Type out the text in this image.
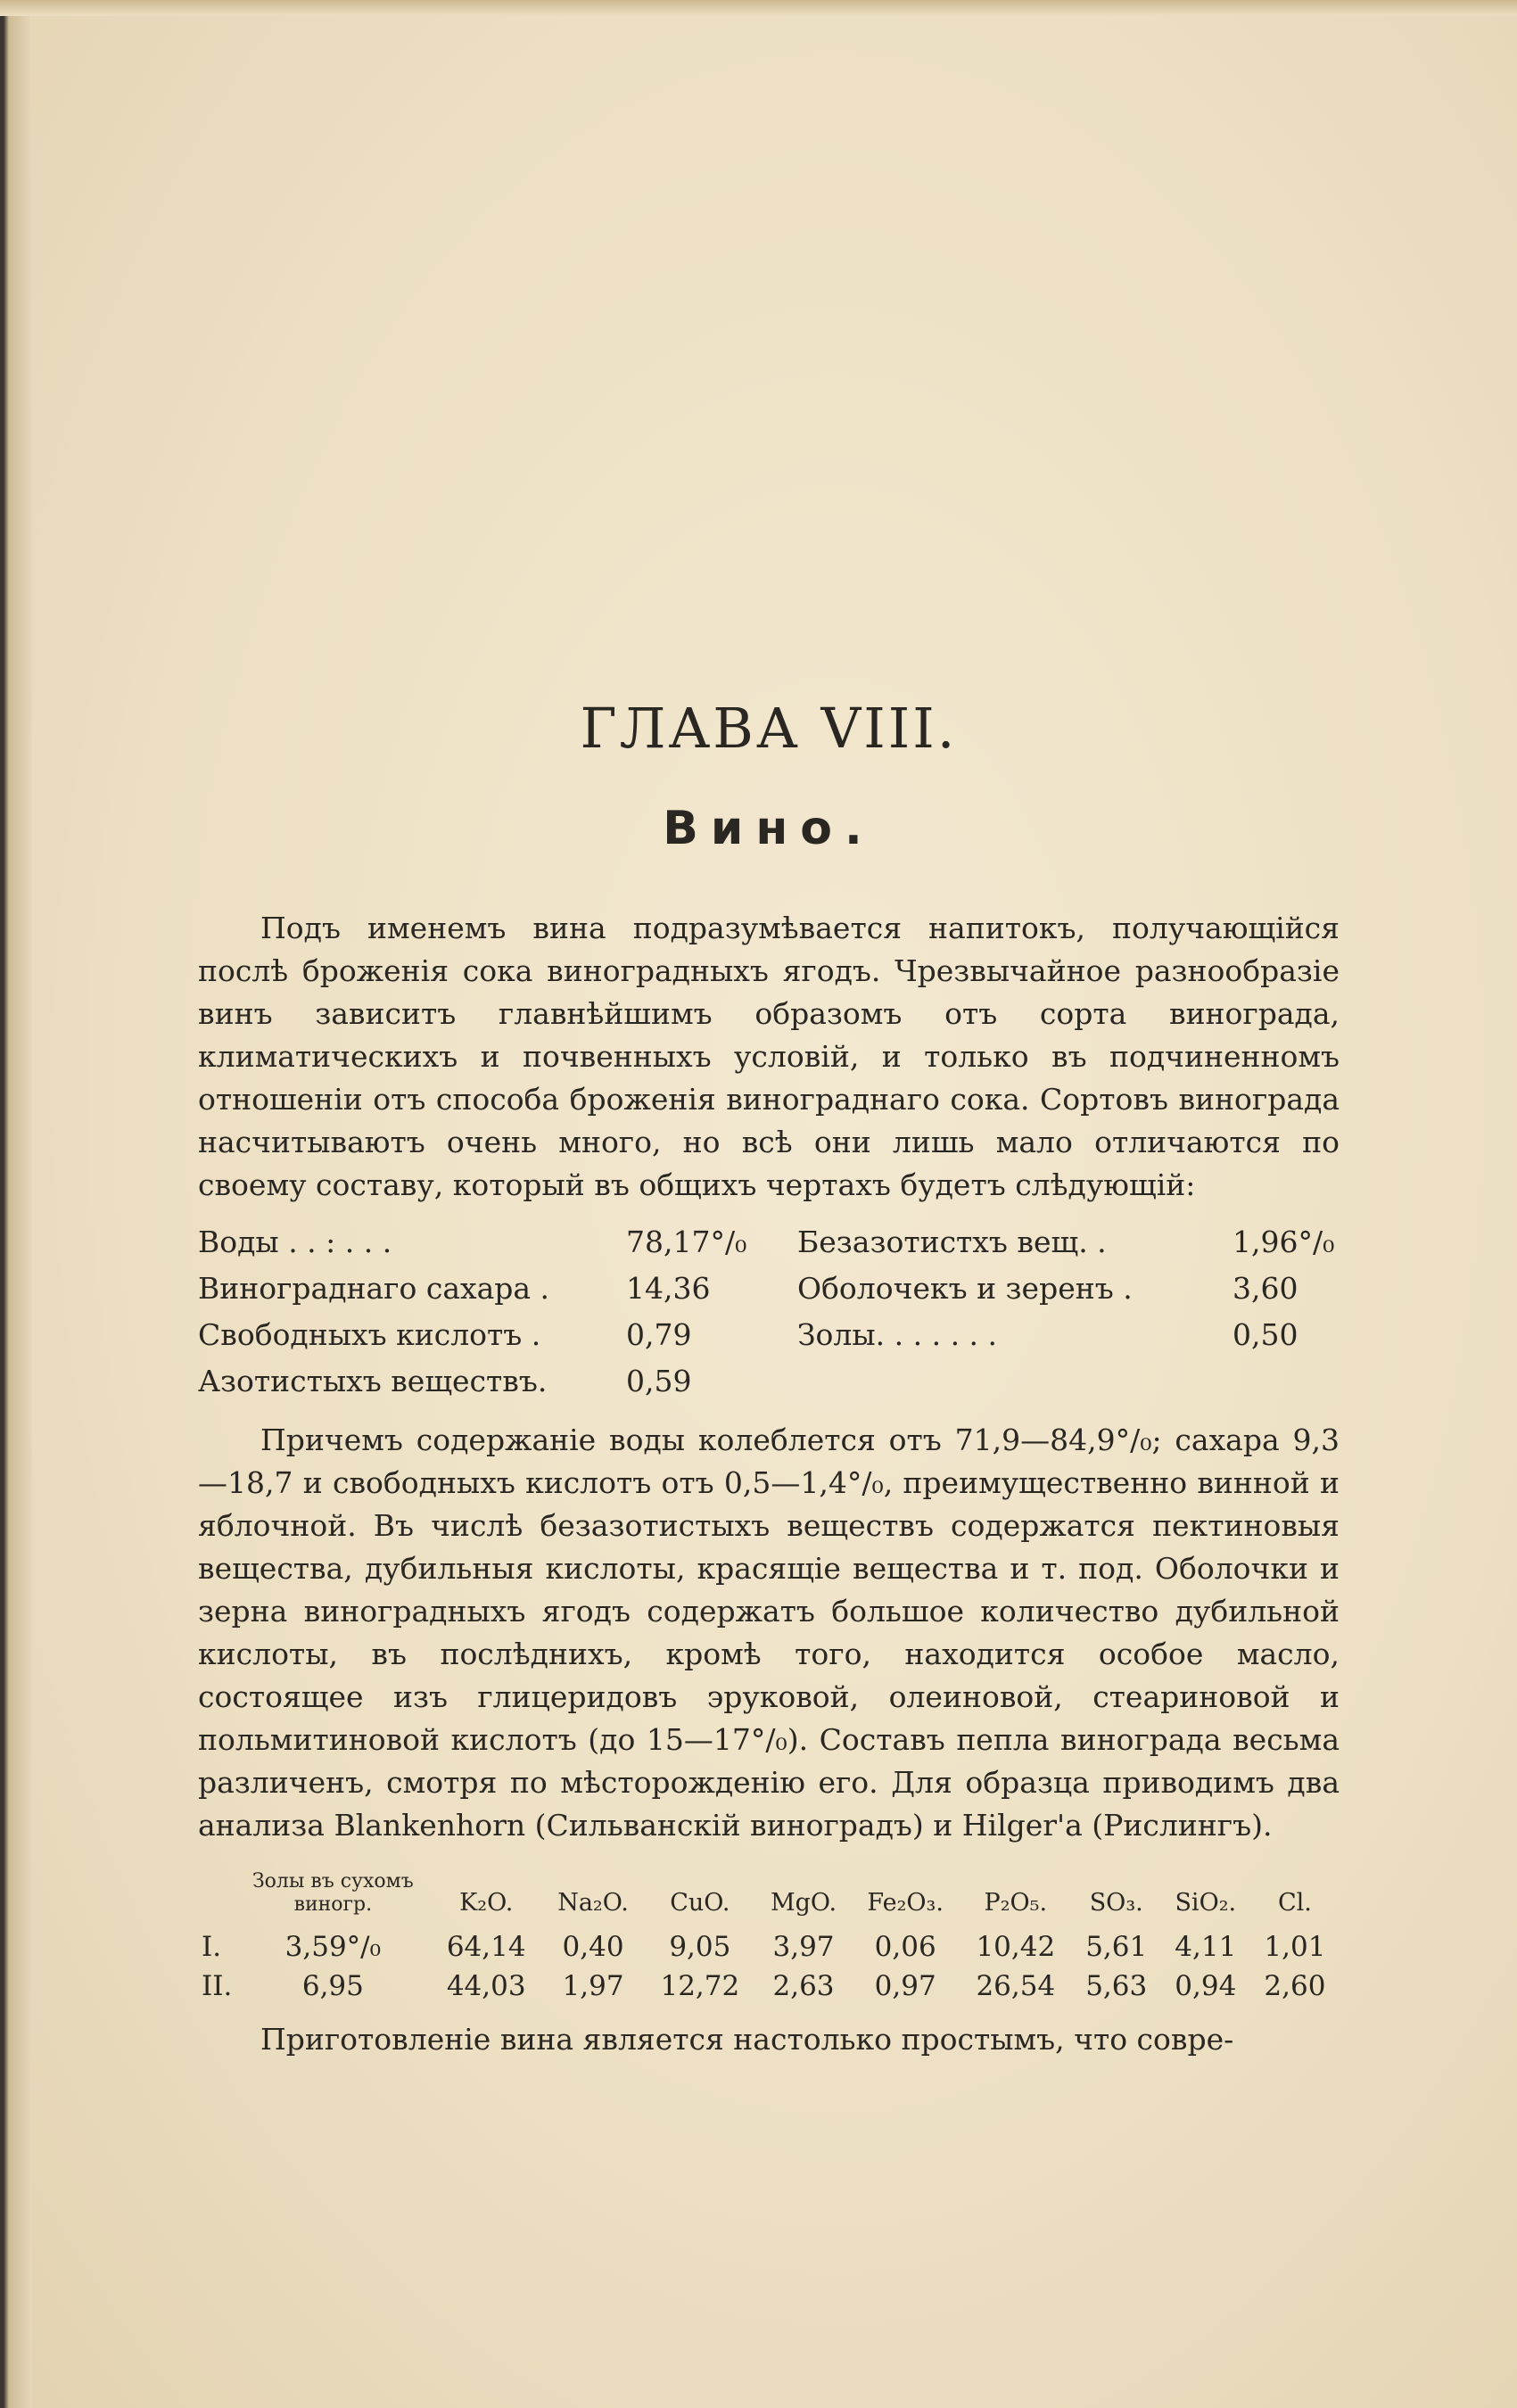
ГЛАВА VIII.
Вино.

Подъ именемъ вина подразумѣвается напитокъ, получающійся послѣ броженія сока виноградныхъ ягодъ. Чрезвычайное разнообразіе винъ зависитъ главнѣйшимъ образомъ отъ сорта винограда, климатическихъ и почвенныхъ условій, и только въ подчиненномъ отношеніи отъ способа броженія винограднаго сока. Сортовъ винограда насчитываютъ очень много, но всѣ они лишь мало отличаются по своему составу, который въ общихъ чертахъ будетъ слѣдующій:

Воды . . : . . .	78,17°/₀	Безазотистхъ вещ. .	1,96°/₀
Винограднаго сахара .	14,36	Оболочекъ и зеренъ .	3,60
Свободныхъ кислотъ .	0,79	Золы. . . . . . .	0,50
Азотистыхъ веществъ.	0,59

Причемъ содержаніе воды колеблется отъ 71,9—84,9°/₀; сахара 9,3—18,7 и свободныхъ кислотъ отъ 0,5—1,4°/₀, преимущественно винной и яблочной. Въ числѣ безазотистыхъ веществъ содержатся пектиновыя вещества, дубильныя кислоты, красящіе вещества и т. под. Оболочки и зерна виноградныхъ ягодъ содержатъ большое количество дубильной кислоты, въ послѣднихъ, кромѣ того, находится особое масло, состоящее изъ глицеридовъ эруковой, олеиновой, стеариновой и польмитиновой кислотъ (до 15—17°/₀). Составъ пепла винограда весьма различенъ, смотря по мѣсторожденію его. Для образца приводимъ два анализа Blankenhorn (Сильванскій виноградъ) и Hilger'а (Рислингъ).

	Золы въ сухомъ виногр.	K₂O.	Na₂O.	CuO.	MgO.	Fe₂O₃.	P₂O₅.	SO₃.	SiO₂.	Cl.
I.	3,59°/₀	64,14	0,40	9,05	3,97	0,06	10,42	5,61	4,11	1,01
II.	6,95	44,03	1,97	12,72	2,63	0,97	26,54	5,63	0,94	2,60

Приготовленіе вина является настолько простымъ, что совре-
